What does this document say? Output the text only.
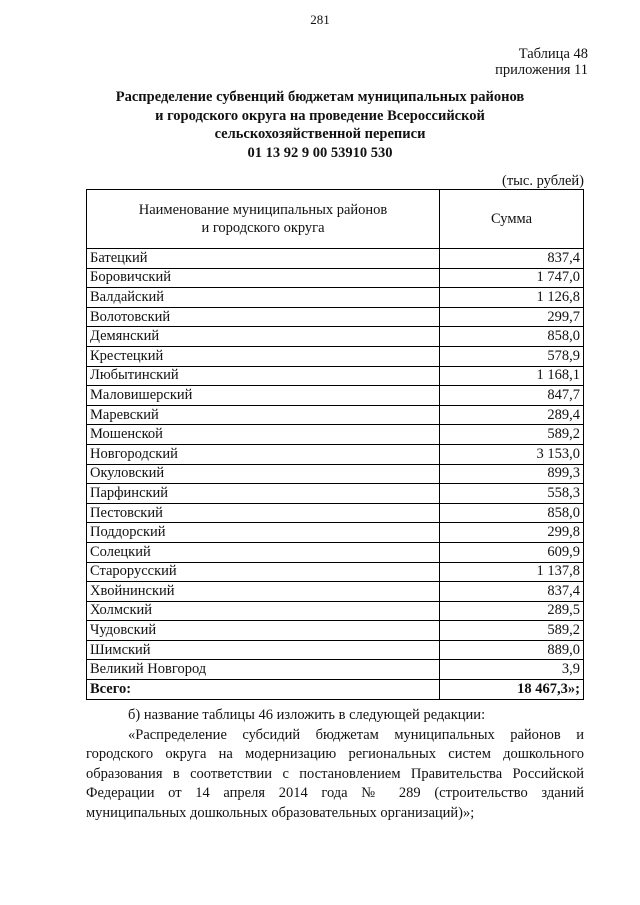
281
Таблица 48
приложения 11
Распределение субвенций бюджетам муниципальных районов
и городского округа на проведение Всероссийской
сельскохозяйственной переписи
01 13 92 9 00 53910 530
(тыс. рублей)
Наименование муниципальных районов
и городского округа	Сумма
Батецкий	837,4
Боровичский	1 747,0
Валдайский	1 126,8
Волотовский	299,7
Демянский	858,0
Крестецкий	578,9
Любытинский	1 168,1
Маловишерский	847,7
Маревский	289,4
Мошенской	589,2
Новгородский	3 153,0
Окуловский	899,3
Парфинский	558,3
Пестовский	858,0
Поддорский	299,8
Солецкий	609,9
Старорусский	1 137,8
Хвойнинский	837,4
Холмский	289,5
Чудовский	589,2
Шимский	889,0
Великий Новгород	3,9
Всего:	18 467,3»;

б) название таблицы 46 изложить в следующей редакции:

«Распределение субсидий бюджетам муниципальных районов и городского округа на модернизацию региональных систем дошкольного образования в соответствии с постановлением Правительства Российской Федерации от 14 апреля 2014 года № 289 (строительство зданий муниципальных дошкольных образовательных организаций)»;
